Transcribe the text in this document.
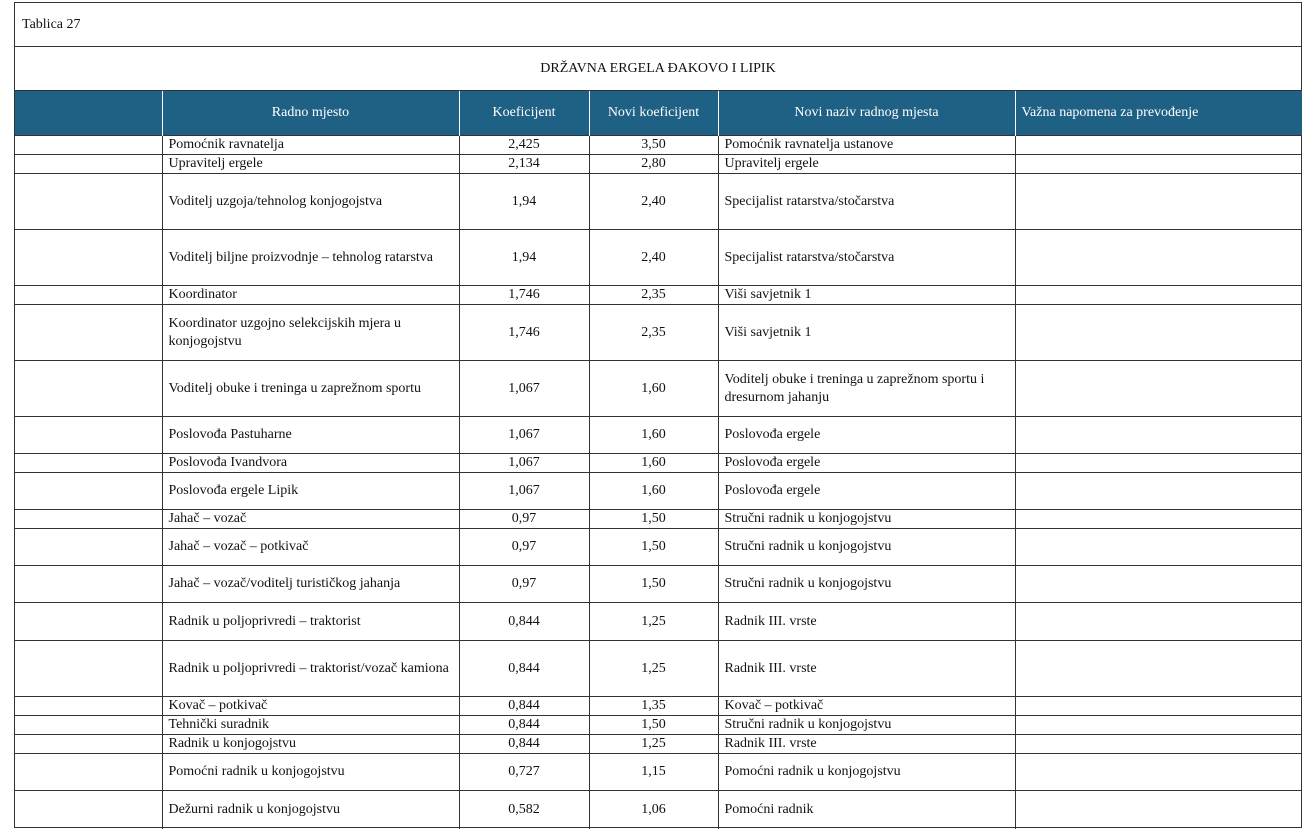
Tablica 27
DRŽAVNA ERGELA ĐAKOVO I LIPIK
	Radno mjesto	Koeficijent	Novi koeficijent	Novi naziv radnog mjesta	Važna napomena za prevođenje
	Pomoćnik ravnatelja	2,425	3,50	Pomoćnik ravnatelja ustanove	
	Upravitelj ergele	2,134	2,80	Upravitelj ergele	
	Voditelj uzgoja/tehnolog konjogojstva	1,94	2,40	Specijalist ratarstva/stočarstva	
	Voditelj biljne proizvodnje – tehnolog ratarstva	1,94	2,40	Specijalist ratarstva/stočarstva	
	Koordinator	1,746	2,35	Viši savjetnik 1	
	Koordinator uzgojno selekcijskih mjera u konjogojstvu	1,746	2,35	Viši savjetnik 1	
	Voditelj obuke i treninga u zaprežnom sportu	1,067	1,60	Voditelj obuke i treninga u zaprežnom sportu i dresurnom jahanju	
	Poslovođa Pastuharne	1,067	1,60	Poslovođa ergele	
	Poslovođa Ivandvora	1,067	1,60	Poslovođa ergele	
	Poslovođa ergele Lipik	1,067	1,60	Poslovođa ergele	
	Jahač – vozač	0,97	1,50	Stručni radnik u konjogojstvu	
	Jahač – vozač – potkivač	0,97	1,50	Stručni radnik u konjogojstvu	
	Jahač – vozač/voditelj turističkog jahanja	0,97	1,50	Stručni radnik u konjogojstvu	
	Radnik u poljoprivredi – traktorist	0,844	1,25	Radnik III. vrste	
	Radnik u poljoprivredi – traktorist/vozač kamiona	0,844	1,25	Radnik III. vrste	
	Kovač – potkivač	0,844	1,35	Kovač – potkivač	
	Tehnički suradnik	0,844	1,50	Stručni radnik u konjogojstvu	
	Radnik u konjogojstvu	0,844	1,25	Radnik III. vrste	
	Pomoćni radnik u konjogojstvu	0,727	1,15	Pomoćni radnik u konjogojstvu	
	Dežurni radnik u konjogojstvu	0,582	1,06	Pomoćni radnik	
